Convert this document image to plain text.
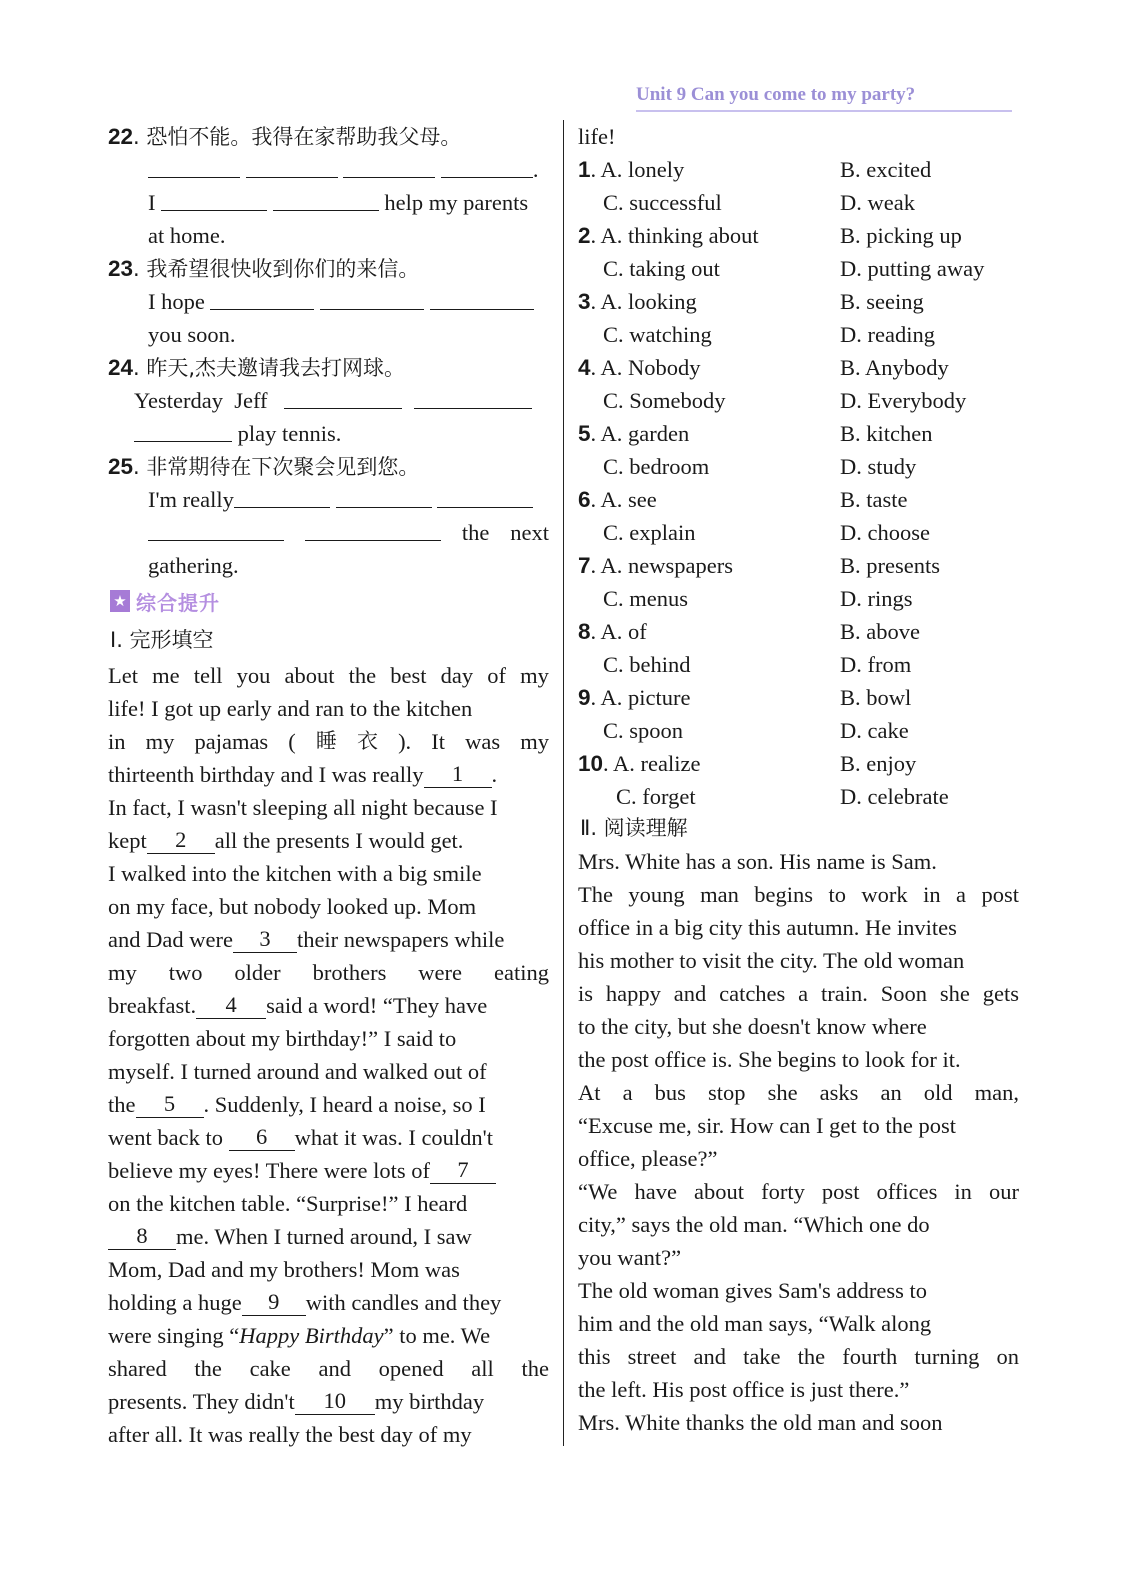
Unit 9 Can you come to my party?
22. 恐怕不能。我得在家帮助我父母。
.
I	help my parents
at home.
23. 我希望很快收到你们的来信。
I hope
you soon.
24. 昨天,杰夫邀请我去打网球。
Yesterday Jeff
play tennis.
25. 非常期待在下次聚会见到您。
I'm really
the next
gathering.
★ 综合提升
Ⅰ. 完形填空
Let me tell you about the best day of my
life! I got up early and ran to the kitchen
in my pajamas ( 睡 衣 ). It was my
thirteenth birthday and I was really 1 .
In fact, I wasn't sleeping all night because I
kept 2 all the presents I would get.
I walked into the kitchen with a big smile
on my face, but nobody looked up. Mom
and Dad were 3 their newspapers while
my two older brothers were eating
breakfast. 4 said a word! “They have
forgotten about my birthday!” I said to
myself. I turned around and walked out of
the 5 . Suddenly, I heard a noise, so I
went back to 6 what it was. I couldn't
believe my eyes! There were lots of 7
on the kitchen table. “Surprise!” I heard
8 me. When I turned around, I saw
Mom, Dad and my brothers! Mom was
holding a huge 9 with candles and they
were singing “Happy Birthday” to me. We
shared the cake and opened all the
presents. They didn't 10 my birthday
after all. It was really the best day of my
life!
1. A. lonely	B. excited
C. successful	D. weak
2. A. thinking about	B. picking up
C. taking out	D. putting away
3. A. looking	B. seeing
C. watching	D. reading
4. A. Nobody	B. Anybody
C. Somebody	D. Everybody
5. A. garden	B. kitchen
C. bedroom	D. study
6. A. see	B. taste
C. explain	D. choose
7. A. newspapers	B. presents
C. menus	D. rings
8. A. of	B. above
C. behind	D. from
9. A. picture	B. bowl
C. spoon	D. cake
10. A. realize	B. enjoy
C. forget	D. celebrate
Ⅱ. 阅读理解
Mrs. White has a son. His name is Sam.
The young man begins to work in a post
office in a big city this autumn. He invites
his mother to visit the city. The old woman
is happy and catches a train. Soon she gets
to the city, but she doesn't know where
the post office is. She begins to look for it.
At a bus stop she asks an old man,
“Excuse me, sir. How can I get to the post
office, please?”
“We have about forty post offices in our
city,” says the old man. “Which one do
you want?”
The old woman gives Sam's address to
him and the old man says, “Walk along
this street and take the fourth turning on
the left. His post office is just there.”
Mrs. White thanks the old man and soon
